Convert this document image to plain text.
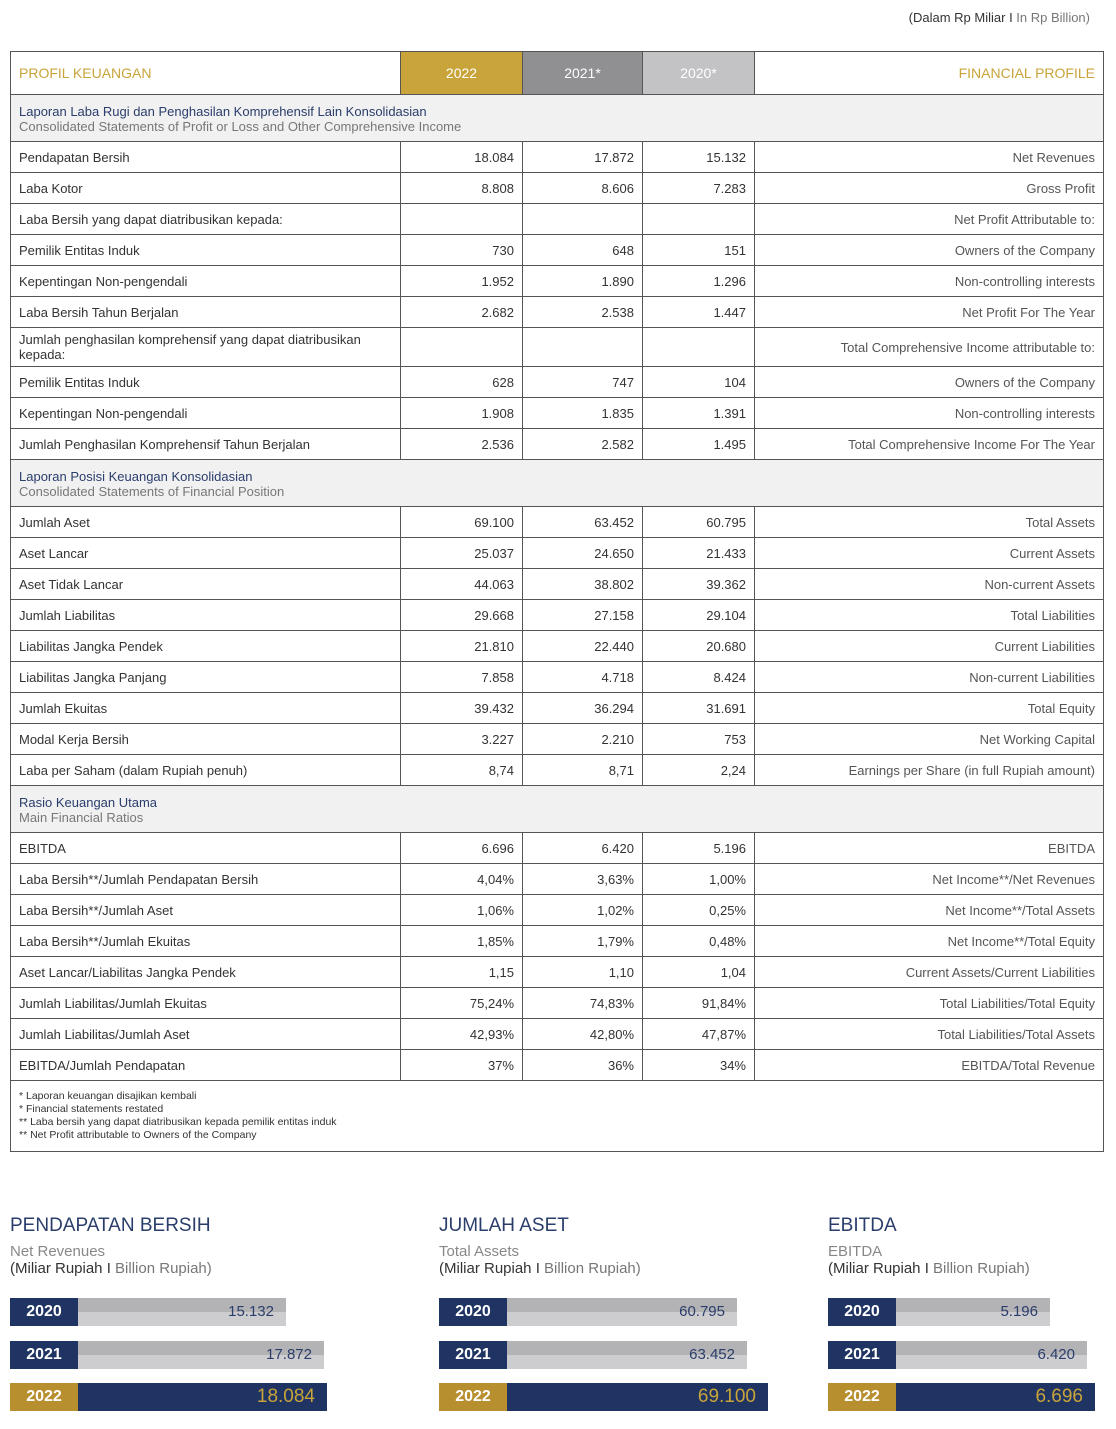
(Dalam Rp Miliar I In Rp Billion)
PROFIL KEUANGAN	2022	2021*	2020*	FINANCIAL PROFILE

Laporan Laba Rugi dan Penghasilan Komprehensif Lain Konsolidasian
Consolidated Statements of Profit or Loss and Other Comprehensive Income				

Pendapatan Bersih	18.084	17.872	15.132	Net Revenues
Laba Kotor	8.808	8.606	7.283	Gross Profit
Laba Bersih yang dapat diatribusikan kepada:				Net Profit Attributable to:
Pemilik Entitas Induk	730	648	151	Owners of the Company
Kepentingan Non-pengendali	1.952	1.890	1.296	Non-controlling interests
Laba Bersih Tahun Berjalan	2.682	2.538	1.447	Net Profit For The Year
Jumlah penghasilan komprehensif yang dapat diatribusikan kepada:				Total Comprehensive Income attributable to:
Pemilik Entitas Induk	628	747	104	Owners of the Company
Kepentingan Non-pengendali	1.908	1.835	1.391	Non-controlling interests
Jumlah Penghasilan Komprehensif Tahun Berjalan	2.536	2.582	1.495	Total Comprehensive Income For The Year

Laporan Posisi Keuangan Konsolidasian
Consolidated Statements of Financial Position				

Jumlah Aset	69.100	63.452	60.795	Total Assets
Aset Lancar	25.037	24.650	21.433	Current Assets
Aset Tidak Lancar	44.063	38.802	39.362	Non-current Assets
Jumlah Liabilitas	29.668	27.158	29.104	Total Liabilities
Liabilitas Jangka Pendek	21.810	22.440	20.680	Current Liabilities
Liabilitas Jangka Panjang	7.858	4.718	8.424	Non-current Liabilities
Jumlah Ekuitas	39.432	36.294	31.691	Total Equity
Modal Kerja Bersih	3.227	2.210	753	Net Working Capital
Laba per Saham (dalam Rupiah penuh)	8,74	8,71	2,24	Earnings per Share (in full Rupiah amount)

Rasio Keuangan Utama
Main Financial Ratios				

EBITDA	6.696	6.420	5.196	EBITDA
Laba Bersih**/Jumlah Pendapatan Bersih	4,04%	3,63%	1,00%	Net Income**/Net Revenues
Laba Bersih**/Jumlah Aset	1,06%	1,02%	0,25%	Net Income**/Total Assets
Laba Bersih**/Jumlah Ekuitas	1,85%	1,79%	0,48%	Net Income**/Total Equity
Aset Lancar/Liabilitas Jangka Pendek	1,15	1,10	1,04	Current Assets/Current Liabilities
Jumlah Liabilitas/Jumlah Ekuitas	75,24%	74,83%	91,84%	Total Liabilities/Total Equity
Jumlah Liabilitas/Jumlah Aset	42,93%	42,80%	47,87%	Total Liabilities/Total Assets
EBITDA/Jumlah Pendapatan	37%	36%	34%	EBITDA/Total Revenue

* Laporan keuangan disajikan kembali
* Financial statements restated
** Laba bersih yang dapat diatribusikan kepada pemilik entitas induk
** Net Profit attributable to Owners of the Company				
PENDAPATAN BERSIH
Net Revenues
(Miliar Rupiah I Billion Rupiah)
2020	15.132
2021	17.872
2022	18.084
JUMLAH ASET
Total Assets
(Miliar Rupiah I Billion Rupiah)
2020	60.795
2021	63.452
2022	69.100
EBITDA
EBITDA
(Miliar Rupiah I Billion Rupiah)
2020	5.196
2021	6.420
2022	6.696
